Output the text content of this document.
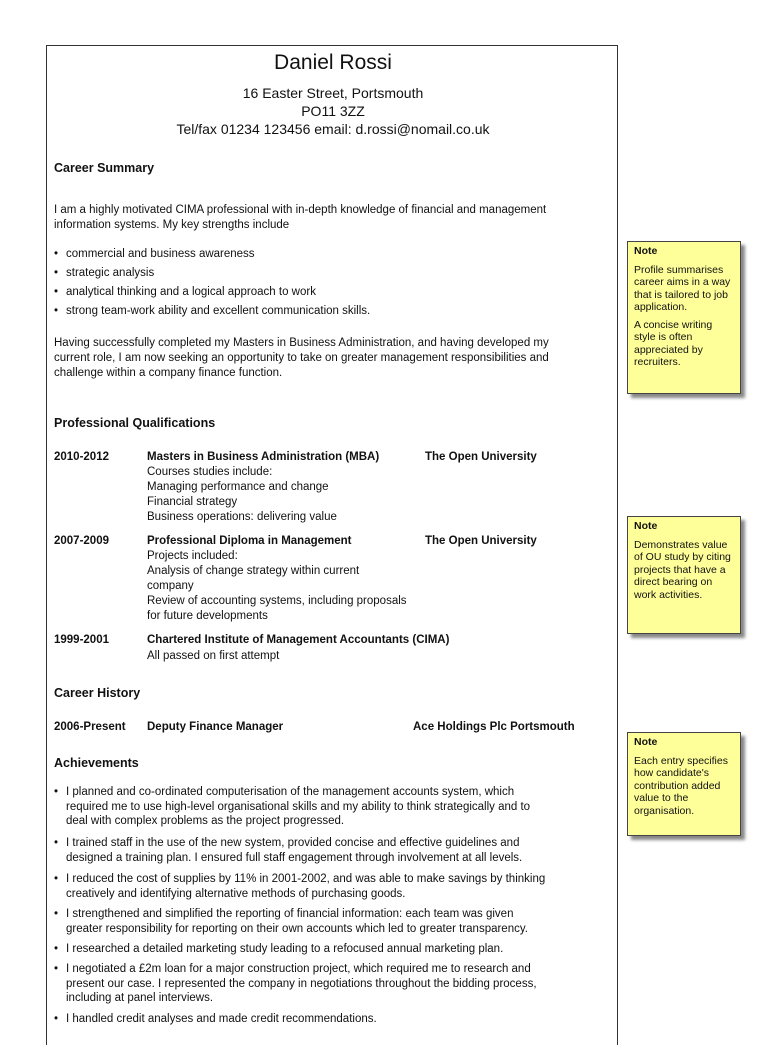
Daniel Rossi
16 Easter Street, Portsmouth
PO11 3ZZ
Tel/fax 01234 123456 email: d.rossi@nomail.co.uk
Career Summary
I am a highly motivated CIMA professional with in-depth knowledge of financial and management
information systems. My key strengths include
• commercial and business awareness
• strategic analysis
• analytical thinking and a logical approach to work
• strong team-work ability and excellent communication skills.
Having successfully completed my Masters in Business Administration, and having developed my
current role, I am now seeking an opportunity to take on greater management responsibilities and
challenge within a company finance function.
Professional Qualifications
2010-2012	Masters in Business Administration (MBA)	The Open University
Courses studies include:
Managing performance and change
Financial strategy
Business operations: delivering value
2007-2009	Professional Diploma in Management	The Open University
Projects included:
Analysis of change strategy within current
company
Review of accounting systems, including proposals
for future developments
1999-2001	Chartered Institute of Management Accountants (CIMA)
All passed on first attempt
Career History
2006-Present Deputy Finance Manager	Ace Holdings Plc Portsmouth
Achievements
• I planned and co-ordinated computerisation of the management accounts system, which
required me to use high-level organisational skills and my ability to think strategically and to
deal with complex problems as the project progressed.
• I trained staff in the use of the new system, provided concise and effective guidelines and
designed a training plan. I ensured full staff engagement through involvement at all levels.
• I reduced the cost of supplies by 11% in 2001-2002, and was able to make savings by thinking
creatively and identifying alternative methods of purchasing goods.
• I strengthened and simplified the reporting of financial information: each team was given
greater responsibility for reporting on their own accounts which led to greater transparency.
• I researched a detailed marketing study leading to a refocused annual marketing plan.
• I negotiated a £2m loan for a major construction project, which required me to research and
present our case. I represented the company in negotiations throughout the bidding process,
including at panel interviews.
• I handled credit analyses and made credit recommendations.
Note
Profile summarises career aims in a way that is tailored to job application.
A concise writing style is often appreciated by recruiters.
Note
Demonstrates value of OU study by citing projects that have a direct bearing on work activities.
Note
Each entry specifies how candidate's contribution added value to the organisation.
